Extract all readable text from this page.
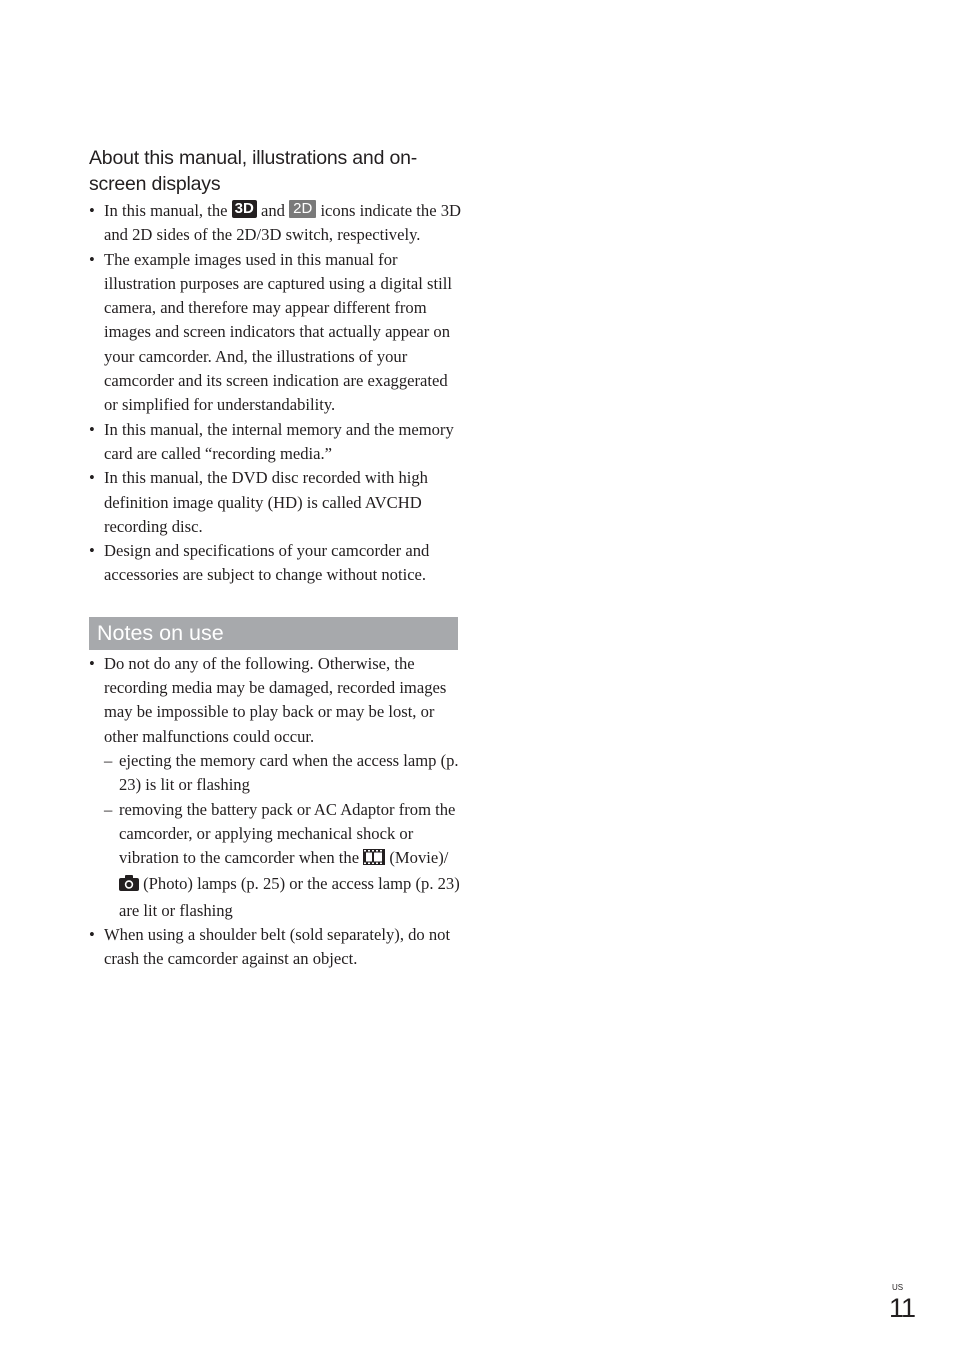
About this manual, illustrations and on-screen displays
• In this manual, the 3D and 2D icons indicate the 3D and 2D sides of the 2D/3D switch, respectively.
• The example images used in this manual for illustration purposes are captured using a digital still camera, and therefore may appear different from images and screen indicators that actually appear on your camcorder. And, the illustrations of your camcorder and its screen indication are exaggerated or simplified for understandability.
• In this manual, the internal memory and the memory card are called “recording media.”
• In this manual, the DVD disc recorded with high definition image quality (HD) is called AVCHD recording disc.
• Design and specifications of your camcorder and accessories are subject to change without notice.
Notes on use
• Do not do any of the following. Otherwise, the recording media may be damaged, recorded images may be impossible to play back or may be lost, or other malfunctions could occur.
– ejecting the memory card when the access lamp (p. 23) is lit or flashing
– removing the battery pack or AC Adaptor from the camcorder, or applying mechanical shock or vibration to the camcorder when the  (Movie)/ (Photo) lamps (p. 25) or the access lamp (p. 23) are lit or flashing
• When using a shoulder belt (sold separately), do not crash the camcorder against an object.
US
11
